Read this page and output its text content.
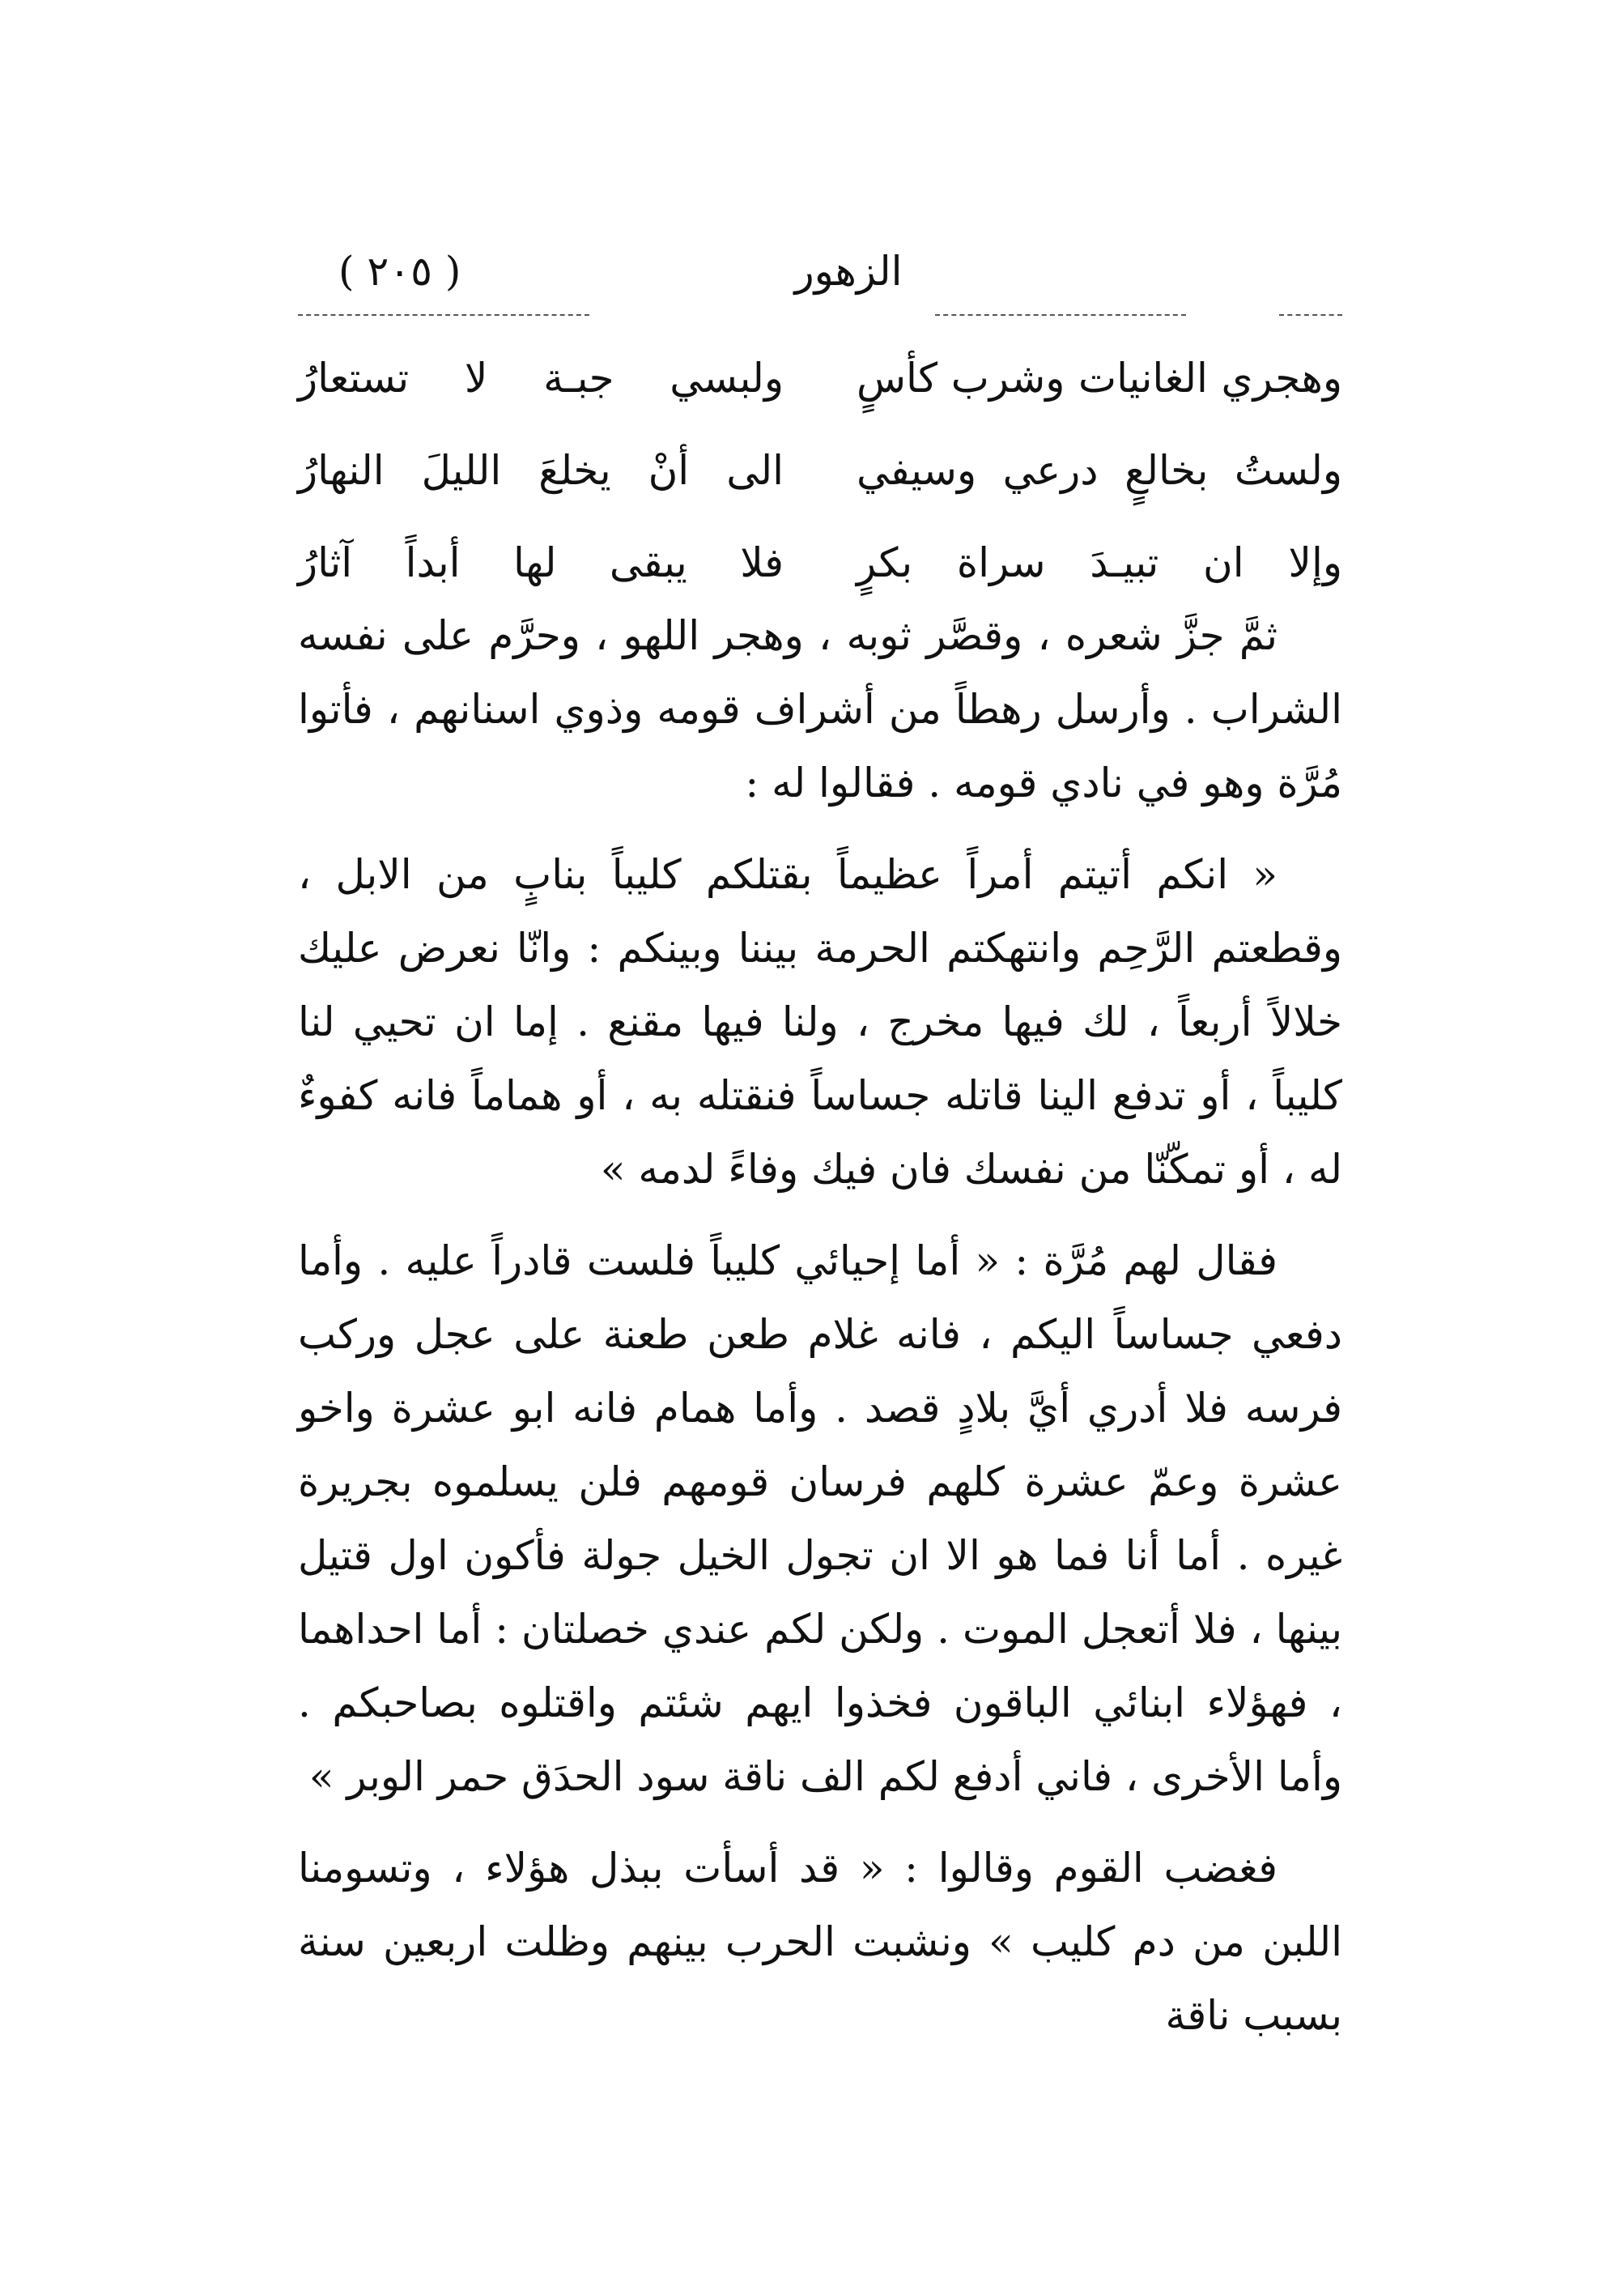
( ٢٠٥ )	الزهور
وهجري الغانيات وشرب كأسٍ
ولبسي جبـة لا تستعارُ
ولستُ بخالعٍ درعي وسيفي
الى أنْ يخلعَ الليلَ النهارُ
وإلا ان تبيـدَ سراة بكرٍ
فلا يبقى لها أبداً آثارُ

ثمَّ جزَّ شعره ، وقصَّر ثوبه ، وهجر اللهو ، وحرَّم على نفسه الشراب . وأرسل رهطاً من أشراف قومه وذوي اسنانهم ، فأتوا مُرَّة وهو في نادي قومه . فقالوا له :

« انكم أتيتم أمراً عظيماً بقتلكم كليباً بنابٍ من الابل ، وقطعتم الرَّحِم وانتهكتم الحرمة بيننا وبينكم : وانّا نعرض عليك خلالاً أربعاً ، لك فيها مخرج ، ولنا فيها مقنع . إما ان تحيي لنا كليباً ، أو تدفع الينا قاتله جساساً فنقتله به ، أو هماماً فانه كفوءٌ له ، أو تمكّنّا من نفسك فان فيك وفاءً لدمه »

فقال لهم مُرَّة : « أما إحيائي كليباً فلست قادراً عليه . وأما دفعي جساساً اليكم ، فانه غلام طعن طعنة على عجل وركب فرسه فلا أدري أيَّ بلادٍ قصد . وأما همام فانه ابو عشرة واخو عشرة وعمّ عشرة كلهم فرسان قومهم فلن يسلموه بجريرة غيره . أما أنا فما هو الا ان تجول الخيل جولة فأكون اول قتيل بينها ، فلا أتعجل الموت . ولكن لكم عندي خصلتان : أما احداهما ، فهؤلاء ابنائي الباقون فخذوا ايهم شئتم واقتلوه بصاحبكم . وأما الأخرى ، فاني أدفع لكم الف ناقة سود الحدَق حمر الوبر »

فغضب القوم وقالوا : « قد أسأت ببذل هؤلاء ، وتسومنا اللبن من دم كليب » ونشبت الحرب بينهم وظلت اربعين سنة بسبب ناقة
